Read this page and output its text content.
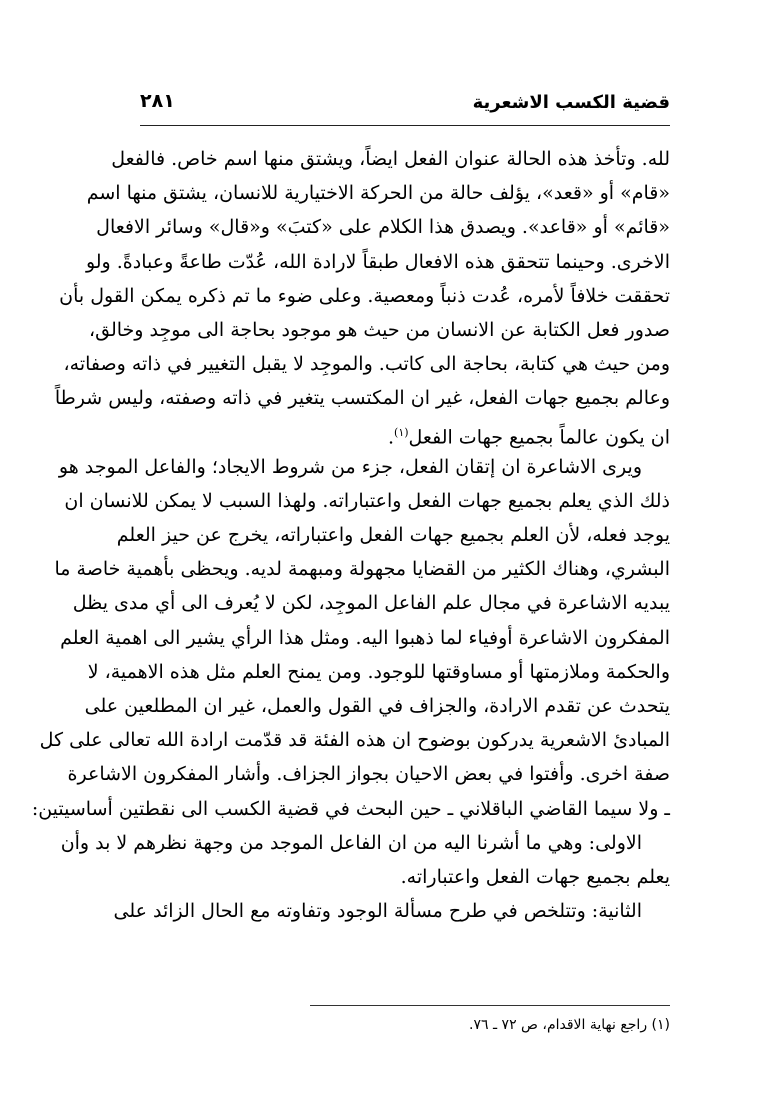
قضية الكسب الاشعرية
٢٨١
لله. وتأخذ هذه الحالة عنوان الفعل ايضاً، ويشتق منها اسم خاص. فالفعل
«قام» أو «قعد»، يؤلف حالة من الحركة الاختيارية للانسان، يشتق منها اسم
«قائم» أو «قاعد». ويصدق هذا الكلام على «كتبَ» و«قال» وسائر الافعال
الاخرى. وحينما تتحقق هذه الافعال طبقاً لارادة الله، عُدّت طاعةً وعبادةً. ولو
تحققت خلافاً لأمره، عُدت ذنباً ومعصية. وعلى ضوء ما تم ذكره يمكن القول بأن
صدور فعل الكتابة عن الانسان من حيث هو موجود بحاجة الى موجِد وخالق،
ومن حيث هي كتابة، بحاجة الى كاتب. والموجِد لا يقبل التغيير في ذاته وصفاته،
وعالم بجميع جهات الفعل، غير ان المكتسب يتغير في ذاته وصفته، وليس شرطاً
ان يكون عالماً بجميع جهات الفعل$^{(١)}$.
ويرى الاشاعرة ان إتقان الفعل، جزء من شروط الايجاد؛ والفاعل الموجد هو
ذلك الذي يعلم بجميع جهات الفعل واعتباراته. ولهذا السبب لا يمكن للانسان ان
يوجد فعله، لأن العلم بجميع جهات الفعل واعتباراته، يخرج عن حيز العلم
البشري، وهناك الكثير من القضايا مجهولة ومبهمة لديه. ويحظى بأهمية خاصة ما
يبديه الاشاعرة في مجال علم الفاعل الموجِد، لكن لا يُعرف الى أي مدى يظل
المفكرون الاشاعرة أوفياء لما ذهبوا اليه. ومثل هذا الرأي يشير الى اهمية العلم
والحكمة وملازمتها أو مساوقتها للوجود. ومن يمنح العلم مثل هذه الاهمية، لا
يتحدث عن تقدم الارادة، والجزاف في القول والعمل، غير ان المطلعين على
المبادئ الاشعرية يدركون بوضوح ان هذه الفئة قد قدّمت ارادة الله تعالى على كل
صفة اخرى. وأفتوا في بعض الاحيان بجواز الجزاف. وأشار المفكرون الاشاعرة
ـ ولا سيما القاضي الباقلاني ـ حين البحث في قضية الكسب الى نقطتين أساسيتين:
الاولى: وهي ما أشرنا اليه من ان الفاعل الموجد من وجهة نظرهم لا بد وأن
يعلم بجميع جهات الفعل واعتباراته.
الثانية: وتتلخص في طرح مسألة الوجود وتفاوته مع الحال الزائد على
(١) راجع نهاية الاقدام، ص ٧٢ ـ ٧٦.
